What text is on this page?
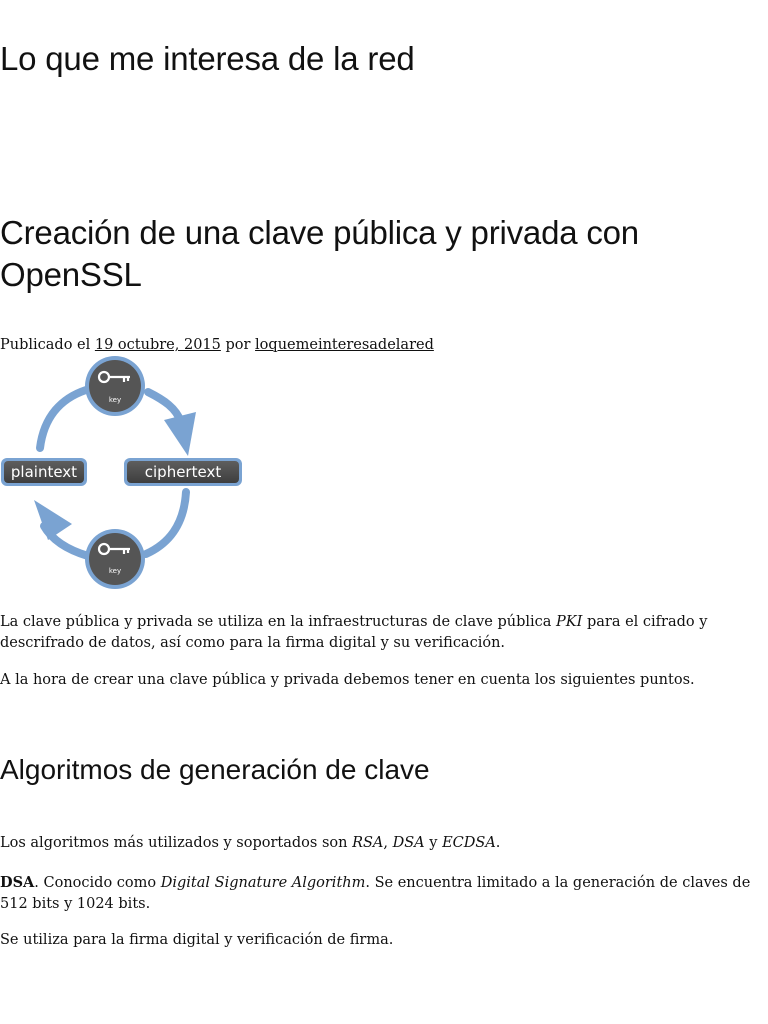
Lo que me interesa de la red
Creación de una clave pública y privada con OpenSSL
Publicado el 19 octubre, 2015 por loquemeinteresadelared
key
key
plaintext	ciphertext

La clave pública y privada se utiliza en la infraestructuras de clave pública PKI para el cifrado y descrifrado de datos, así como para la firma digital y su verificación.

A la hora de crear una clave pública y privada debemos tener en cuenta los siguientes puntos.

Algoritmos de generación de clave

Los algoritmos más utilizados y soportados son RSA, DSA y ECDSA.

DSA. Conocido como Digital Signature Algorithm. Se encuentra limitado a la generación de claves de 512 bits y 1024 bits.

Se utiliza para la firma digital y verificación de firma.
